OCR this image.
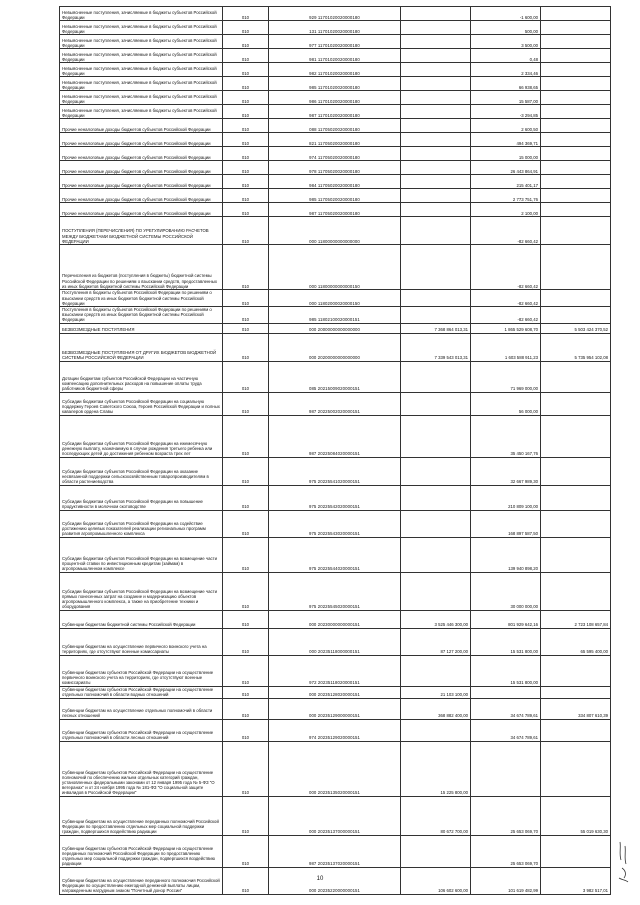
Невыясненные поступления, зачисляемые в бюджеты субъектов Российской Федерации	010	929 11701020020000180		-1 600,00	
Невыясненные поступления, зачисляемые в бюджеты субъектов Российской Федерации	010	131 11701020020000180		500,00	
Невыясненные поступления, зачисляемые в бюджеты субъектов Российской Федерации	010	977 11701020020000180		3 500,00	
Невыясненные поступления, зачисляемые в бюджеты субъектов Российской Федерации	010	981 11701020020000180		0,48	
Невыясненные поступления, зачисляемые в бюджеты субъектов Российской Федерации	010	982 11701020020000180		2 334,46	
Невыясненные поступления, зачисляемые в бюджеты субъектов Российской Федерации	010	985 11701020020000180		66 938,65	
Невыясненные поступления, зачисляемые в бюджеты субъектов Российской Федерации	010	986 11701020020000180		15 587,00	
Невыясненные поступления, зачисляемые в бюджеты субъектов Российской Федерации	010	987 11701020020000180		-3 294,85	
Прочие неналоговые доходы бюджетов субъектов Российской Федерации	010	088 11705020020000180		2 600,50	
Прочие неналоговые доходы бюджетов субъектов Российской Федерации	010	821 11705020020000180		494 369,71	
Прочие неналоговые доходы бюджетов субъектов Российской Федерации	010	974 11705020020000180		15 000,00	
Прочие неналоговые доходы бюджетов субъектов Российской Федерации	010	978 11705020020000180		26 443 864,91	
Прочие неналоговые доходы бюджетов субъектов Российской Федерации	010	984 11705020020000180		215 401,17	
Прочие неналоговые доходы бюджетов субъектов Российской Федерации	010	985 11705020020000180		2 773 751,76	
Прочие неналоговые доходы бюджетов субъектов Российской Федерации	010	987 11705020020000180		2 100,00	
ПОСТУПЛЕНИЯ (ПЕРЕЧИСЛЕНИЯ) ПО УРЕГУЛИРОВАНИЮ РАСЧЕТОВ МЕЖДУ БЮДЖЕТАМИ БЮДЖЕТНОЙ СИСТЕМЫ РОССИЙСКОЙ ФЕДЕРАЦИИ	010	000 11800000000000000		-82 660,42	
Перечисления из бюджетов (поступления в бюджеты) бюджетной системы Российской Федерации по решениям о взыскании средств, предоставленных из иных бюджетов бюджетной системы Российской Федерации	010	000 11800000000000150		-82 660,42	
Поступления в бюджеты субъектов Российской Федерации по решениям о взыскании средств из иных бюджетов бюджетной системы Российской Федерации	010	000 11802000020000150		-82 660,42	
Поступления в бюджеты субъектов Российской Федерации по решениям о взыскании средств из иных бюджетов бюджетной системы Российской Федерации	010	985 11802100020000151		-82 660,42	
БЕЗВОЗМЕЗДНЫЕ ПОСТУПЛЕНИЯ	010	000 20000000000000000	7 368 864 013,31	1 865 529 608,70	5 503 424 370,52
БЕЗВОЗМЕЗДНЫЕ ПОСТУПЛЕНИЯ ОТ ДРУГИХ БЮДЖЕТОВ БЮДЖЕТНОЙ СИСТЕМЫ РОССИЙСКОЙ ФЕДЕРАЦИИ	010	000 20200000000000000	7 339 543 013,31	1 603 588 911,23	5 735 954 102,08
Дотации бюджетам субъектов Российской Федерации на частичную компенсацию дополнительных расходов на повышение оплаты труда работников бюджетной сферы	010	085 20215009020000151		71 969 000,00	
Субсидии бюджетам субъектов Российской Федерации на социальную поддержку Героев Советского Союза, Героев Российской Федерации и полных кавалеров ордена Славы	010	987 20225002020000151		56 000,00	
Субсидии бюджетам субъектов Российской Федерации на ежемесячную денежную выплату, назначаемую в случае рождения третьего ребенка или последующих детей до достижения ребенком возраста трех лет	010	987 20225084020000151		35 450 167,76	
Субсидии бюджетам субъектов Российской Федерации на оказание несвязанной поддержки сельскохозяйственным товаропроизводителям в области растениеводства	010	975 20225541020000151		32 667 989,30	
Субсидии бюджетам субъектов Российской Федерации на повышение продуктивности в молочном скотоводстве	010	975 20225542020000151		210 809 100,00	
Субсидии бюджетам субъектов Российской Федерации на содействие достижению целевых показателей реализации региональных программ развития агропромышленного комплекса	010	975 20225543020000151		168 897 587,50	
Субсидии бюджетам субъектов Российской Федерации на возмещение части процентной ставки по инвестиционным кредитам (займам) в агропромышленном комплексе	010	975 20225544020000151		139 940 898,20	
Субсидии бюджетам субъектов Российской Федерации на возмещение части прямых понесенных затрат на создание и модернизацию объектов агропромышленного комплекса, а также на приобретение техники и оборудования	010	975 20225545020000151		30 000 000,00	
Субвенции бюджетам бюджетной системы Российской Федерации	010	000 20230000000000151	3 525 446 300,00	801 929 642,16	2 723 108 657,84
Субвенции бюджетам на осуществление первичного воинского учета на территориях, где отсутствуют военные комиссариаты	010	000 20235118000000151	87 127 200,00	15 531 800,00	65 595 400,00
Субвенции бюджетам субъектов Российской Федерации на осуществление первичного воинского учета на территориях, где отсутствуют военные комиссариаты	010	972 20235118020000151		15 531 800,00	
Субвенции бюджетам субъектов Российской Федерации на осуществление отдельных полномочий в области водных отношений	010	000 20235128020000151	21 103 100,00		
Субвенции бюджетам на осуществление отдельных полномочий в области лесных отношений	010	000 20235129000000151	368 882 400,00	34 674 789,61	334 807 610,39
Субвенции бюджетам субъектов Российской Федерации на осуществление отдельных полномочий в области лесных отношений	010	974 20235129020000151		34 674 789,61	
Субвенции бюджетам субъектов Российской Федерации на осуществление полномочий по обеспечению жильем отдельных категорий граждан, установленных федеральными законами от 12 января 1995 года № 5-ФЗ "О ветеранах" и от 24 ноября 1995 года № 181-ФЗ "О социальной защите инвалидов в Российской Федерации"	010	000 20235135020000151	15 225 800,00		
Субвенции бюджетам на осуществление переданных полномочий Российской Федерации по предоставлению отдельных мер социальной поддержки граждан, подвергшихся воздействию радиации	010	000 20235137000000151	80 672 700,00	25 653 069,70	55 019 630,30
Субвенции бюджетам субъектов Российской Федерации на осуществление переданных полномочий Российской Федерации по предоставлению отдельных мер социальной поддержки граждан, подвергшихся воздействию радиации	010	987 20235137020000151		25 653 069,70	
Субвенции бюджетам на осуществление переданного полномочия Российской Федерации по осуществлению ежегодной денежной выплаты лицам, награжденным нагрудным знаком "Почетный донор России"	010	000 20235220000000151	106 602 600,00	101 619 482,99	3 982 517,01
10
